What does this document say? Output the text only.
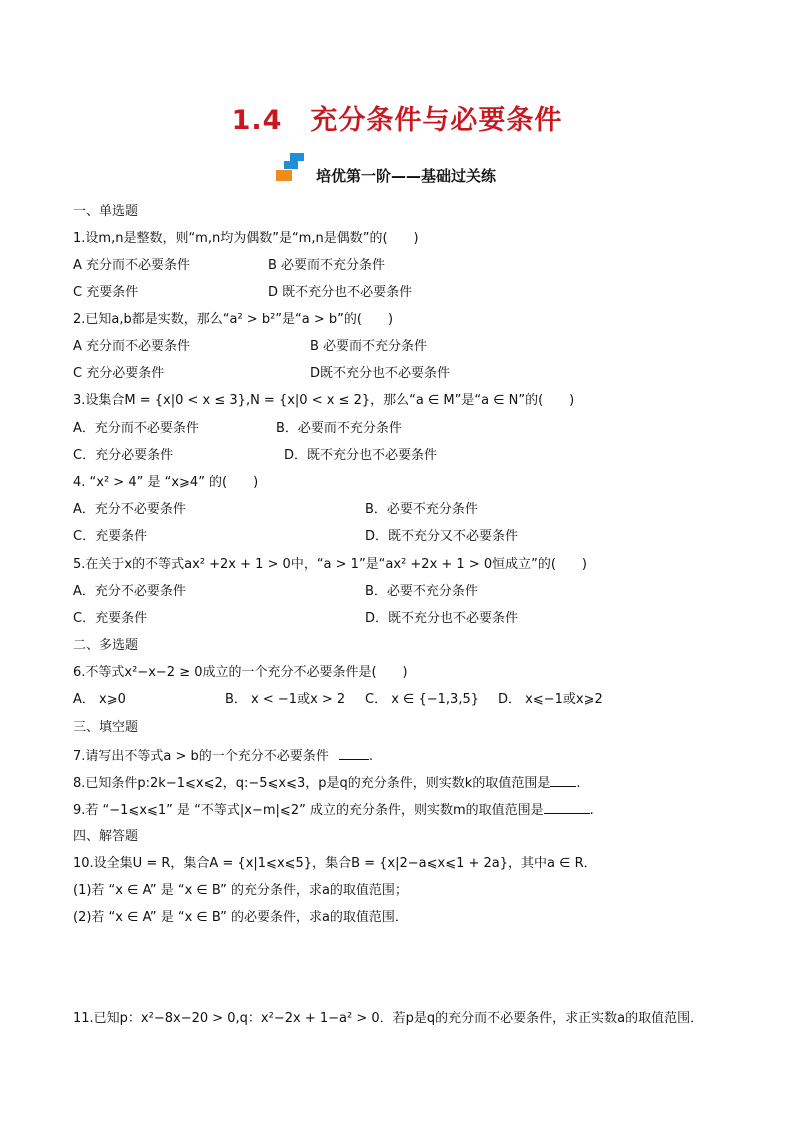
1.4　充分条件与必要条件
培优第一阶——基础过关练
一、单选题
1.设m,n是整数，则“m,n均为偶数”是“m,n是偶数”的(　　)
A 充分而不必要条件	B 必要而不充分条件
C 充要条件	D 既不充分也不必要条件
2.已知a,b都是实数，那么“a² > b²”是“a > b”的(　　)
A 充分而不必要条件	B 必要而不充分条件
C 充分必要条件	D既不充分也不必要条件
3.设集合M = {x|0 < x ≤ 3},N = {x|0 < x ≤ 2}，那么“a ∈ M”是“a ∈ N”的(　　)
A．充分而不必要条件	B．必要而不充分条件
C．充分必要条件	D．既不充分也不必要条件
4. “x² > 4” 是 “x⩾4” 的(　　)
A．充分不必要条件	B．必要不充分条件
C．充要条件	D．既不充分又不必要条件
5.在关于x的不等式ax² +2x + 1 > 0中，“a > 1”是“ax² +2x + 1 > 0恒成立”的(　　)
A．充分不必要条件	B．必要不充分条件
C．充要条件	D．既不充分也不必要条件
二、多选题
6.不等式x²−x−2 ≥ 0成立的一个充分不必要条件是(　　)
A． x⩾0	B． x < −1或x > 2 C． x ∈ {−1,3,5} D． x⩽−1或x⩾2
三、填空题
7.请写出不等式a > b的一个充分不必要条件	.
8.已知条件p:2k−1⩽x⩽2，q:−5⩽x⩽3，p是q的充分条件，则实数k的取值范围是 .
9.若 “−1⩽x⩽1” 是 “不等式|x−m|⩽2” 成立的充分条件，则实数m的取值范围是	.
四、解答题
10.设全集U = R，集合A = {x|1⩽x⩽5}，集合B = {x|2−a⩽x⩽1 + 2a}，其中a ∈ R．
(1)若 “x ∈ A” 是 “x ∈ B” 的充分条件，求a的取值范围；
(2)若 “x ∈ A” 是 “x ∈ B” 的必要条件，求a的取值范围．
11.已知p：x²−8x−20 > 0,q：x²−2x + 1−a² > 0．若p是q的充分而不必要条件，求正实数a的取值范围．
